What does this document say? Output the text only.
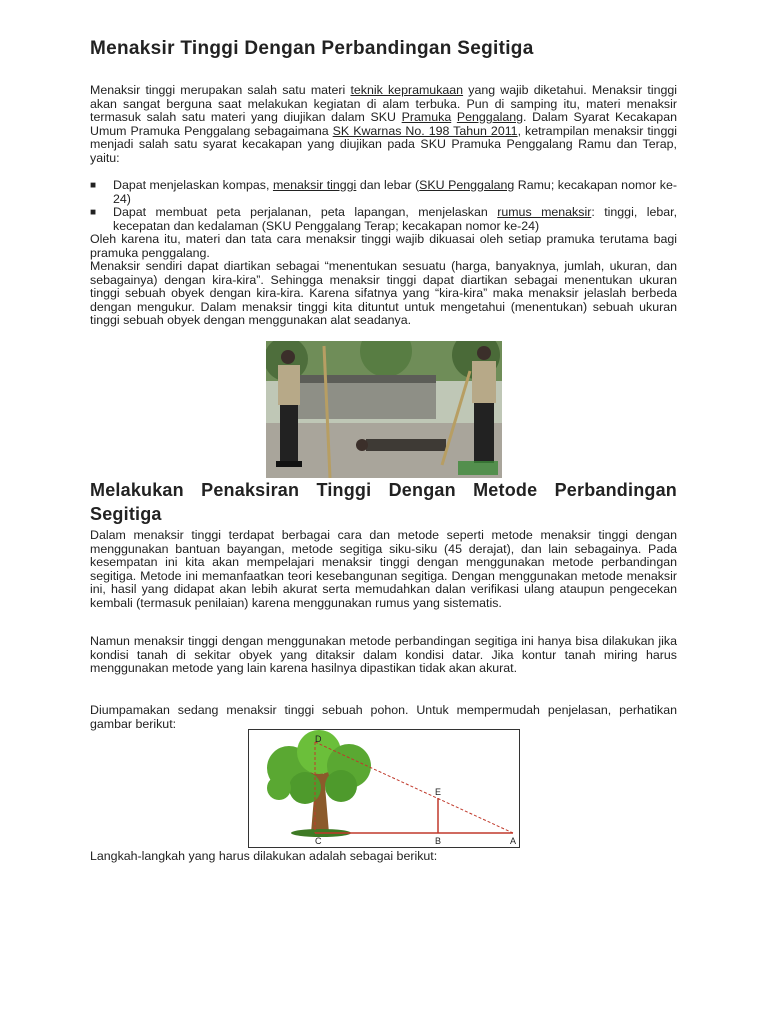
Menaksir Tinggi Dengan Perbandingan Segitiga

Menaksir tinggi merupakan salah satu materi teknik kepramukaan yang wajib diketahui. Menaksir tinggi akan sangat berguna saat melakukan kegiatan di alam terbuka. Pun di samping itu, materi menaksir termasuk salah satu materi yang diujikan dalam SKU Pramuka Penggalang. Dalam Syarat Kecakapan Umum Pramuka Penggalang sebagaimana SK Kwarnas No. 198 Tahun 2011, ketrampilan menaksir tinggi menjadi salah satu syarat kecakapan yang diujikan pada SKU Pramuka Penggalang Ramu dan Terap, yaitu:

■ Dapat menjelaskan kompas, menaksir tinggi dan lebar (SKU Penggalang Ramu; kecakapan nomor ke-24)
■ Dapat membuat peta perjalanan, peta lapangan, menjelaskan rumus menaksir: tinggi, lebar, kecepatan dan kedalaman (SKU Penggalang Terap; kecakapan nomor ke-24)

Oleh karena itu, materi dan tata cara menaksir tinggi wajib dikuasai oleh setiap pramuka terutama bagi pramuka penggalang.

Menaksir sendiri dapat diartikan sebagai “menentukan sesuatu (harga, banyaknya, jumlah, ukuran, dan sebagainya) dengan kira-kira”. Sehingga menaksir tinggi dapat diartikan sebagai menentukan ukuran tinggi sebuah obyek dengan kira-kira. Karena sifatnya yang “kira-kira” maka menaksir jelaslah berbeda dengan mengukur. Dalam menaksir tinggi kita dituntut untuk mengetahui (menentukan) sebuah ukuran tinggi sebuah obyek dengan menggunakan alat seadanya.

Melakukan Penaksiran Tinggi Dengan Metode Perbandingan Segitiga

Dalam menaksir tinggi terdapat berbagai cara dan metode seperti metode menaksir tinggi dengan menggunakan bantuan bayangan, metode segitiga siku-siku (45 derajat), dan lain sebagainya. Pada kesempatan ini kita akan mempelajari menaksir tinggi dengan menggunakan metode perbandingan segitiga. Metode ini memanfaatkan teori kesebangunan segitiga. Dengan menggunakan metode menaksir ini, hasil yang didapat akan lebih akurat serta memudahkan dalan verifikasi ulang ataupun pengecekan kembali (termasuk penilaian) karena menggunakan rumus yang sistematis.

Namun menaksir tinggi dengan menggunakan metode perbandingan segitiga ini hanya bisa dilakukan jika kondisi tanah di sekitar obyek yang ditaksir dalam kondisi datar. Jika kontur tanah miring harus menggunakan metode yang lain karena hasilnya dipastikan tidak akan akurat.

Diumpamakan sedang menaksir tinggi sebuah pohon. Untuk mempermudah penjelasan, perhatikan gambar berikut:

D
E
C	B	A

Langkah-langkah yang harus dilakukan adalah sebagai berikut:
